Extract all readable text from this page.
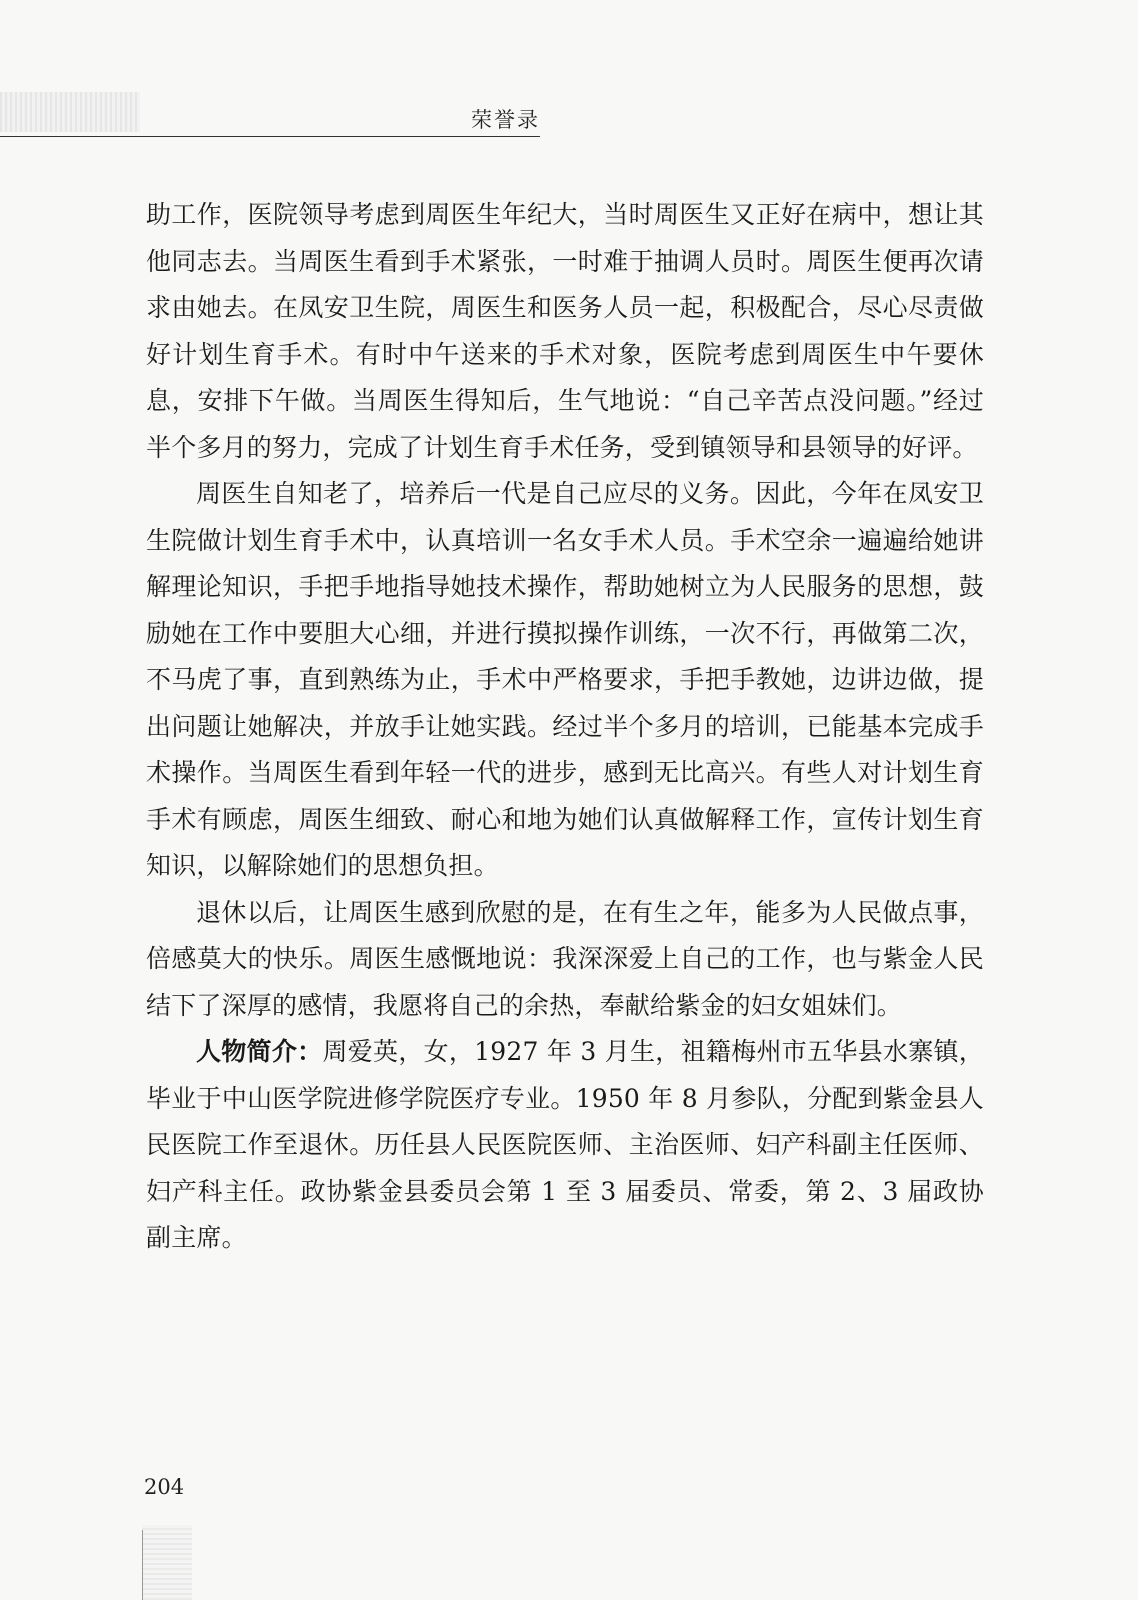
荣誉录

助工作，医院领导考虑到周医生年纪大，当时周医生又正好在病中，想让其他同志去。当周医生看到手术紧张，一时难于抽调人员时。周医生便再次请求由她去。在凤安卫生院，周医生和医务人员一起，积极配合，尽心尽责做好计划生育手术。有时中午送来的手术对象，医院考虑到周医生中午要休息，安排下午做。当周医生得知后，生气地说：“自己辛苦点没问题。”经过半个多月的努力，完成了计划生育手术任务，受到镇领导和县领导的好评。

周医生自知老了，培养后一代是自己应尽的义务。因此，今年在凤安卫生院做计划生育手术中，认真培训一名女手术人员。手术空余一遍遍给她讲解理论知识，手把手地指导她技术操作，帮助她树立为人民服务的思想，鼓励她在工作中要胆大心细，并进行摸拟操作训练，一次不行，再做第二次，不马虎了事，直到熟练为止，手术中严格要求，手把手教她，边讲边做，提出问题让她解决，并放手让她实践。经过半个多月的培训，已能基本完成手术操作。当周医生看到年轻一代的进步，感到无比高兴。有些人对计划生育手术有顾虑，周医生细致、耐心和地为她们认真做解释工作，宣传计划生育知识，以解除她们的思想负担。

退休以后，让周医生感到欣慰的是，在有生之年，能多为人民做点事，倍感莫大的快乐。周医生感慨地说：我深深爱上自己的工作，也与紫金人民结下了深厚的感情，我愿将自己的余热，奉献给紫金的妇女姐妹们。

人物简介：周爱英，女，1927 年 3 月生，祖籍梅州市五华县水寨镇，毕业于中山医学院进修学院医疗专业。1950 年 8 月参队，分配到紫金县人民医院工作至退休。历任县人民医院医师、主治医师、妇产科副主任医师、妇产科主任。政协紫金县委员会第 1 至 3 届委员、常委，第 2、3 届政协副主席。

204
